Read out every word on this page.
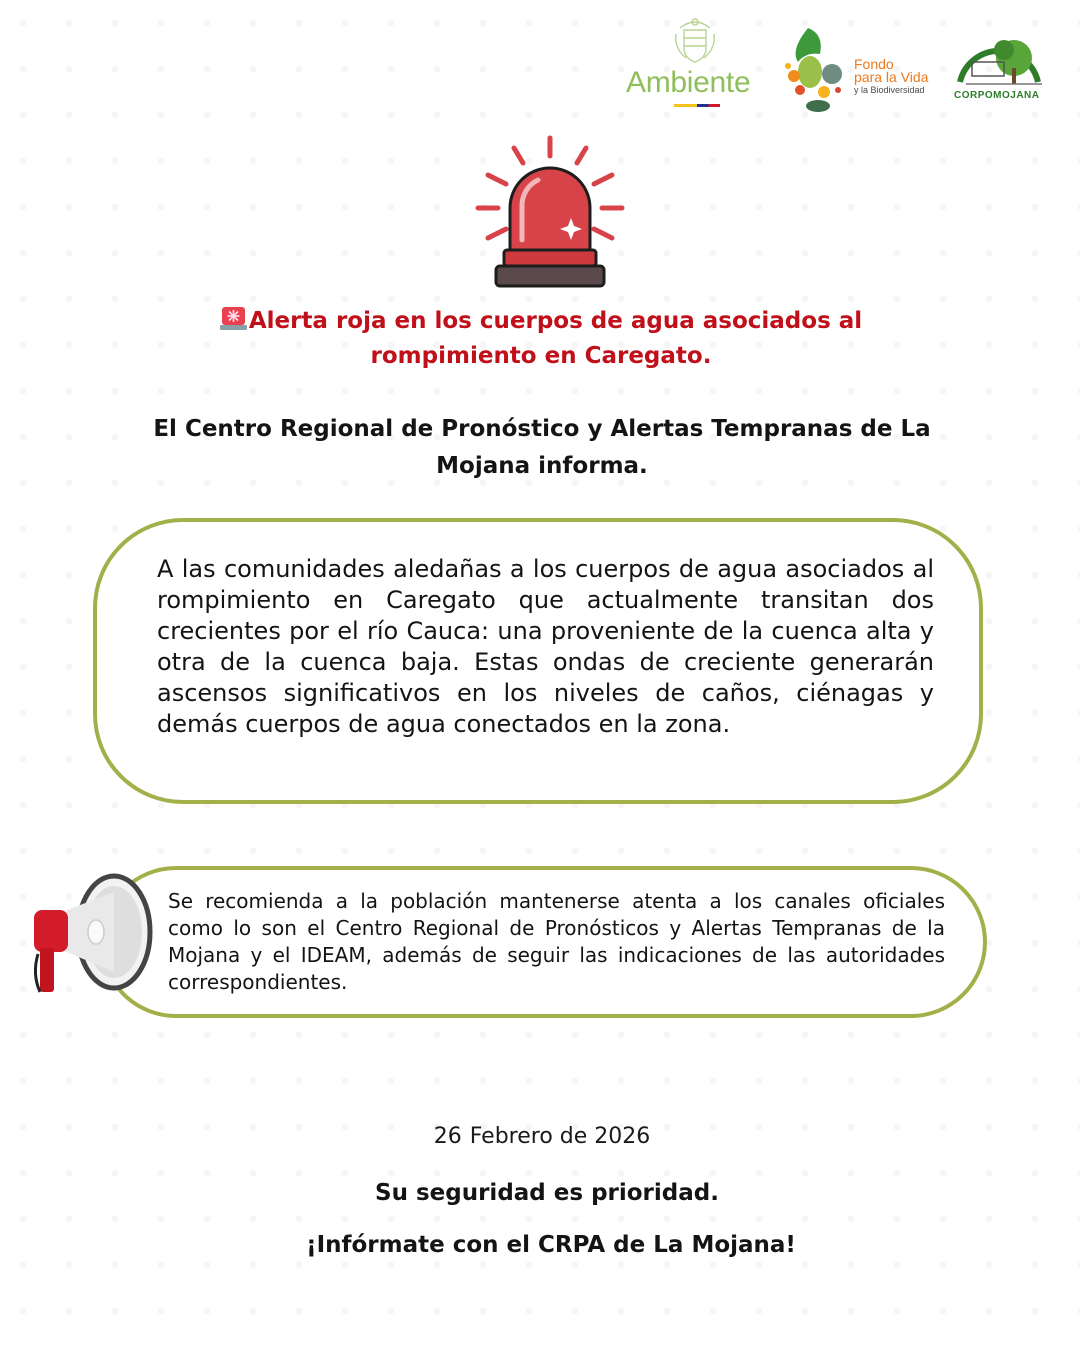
Ambiente
Fondo
para la Vida
y la Biodiversidad	CORPOMOJANA
Alerta roja en los cuerpos de agua asociados al rompimiento en Caregato.
El Centro Regional de Pronóstico y Alertas Tempranas de La Mojana informa.
A las comunidades aledañas a los cuerpos de agua asociados al rompimiento en Caregato que actualmente transitan dos crecientes por el río Cauca: una proveniente de la cuenca alta y otra de la cuenca baja. Estas ondas de creciente generarán ascensos significativos en los niveles de caños, ciénagas y demás cuerpos de agua conectados en la zona.
Se recomienda a la población mantenerse atenta a los canales oficiales como lo son el Centro Regional de Pronósticos y Alertas Tempranas de la Mojana y el IDEAM, además de seguir las indicaciones de las autoridades correspondientes.
26 Febrero de 2026
Su seguridad es prioridad.
¡Infórmate con el CRPA de La Mojana!
